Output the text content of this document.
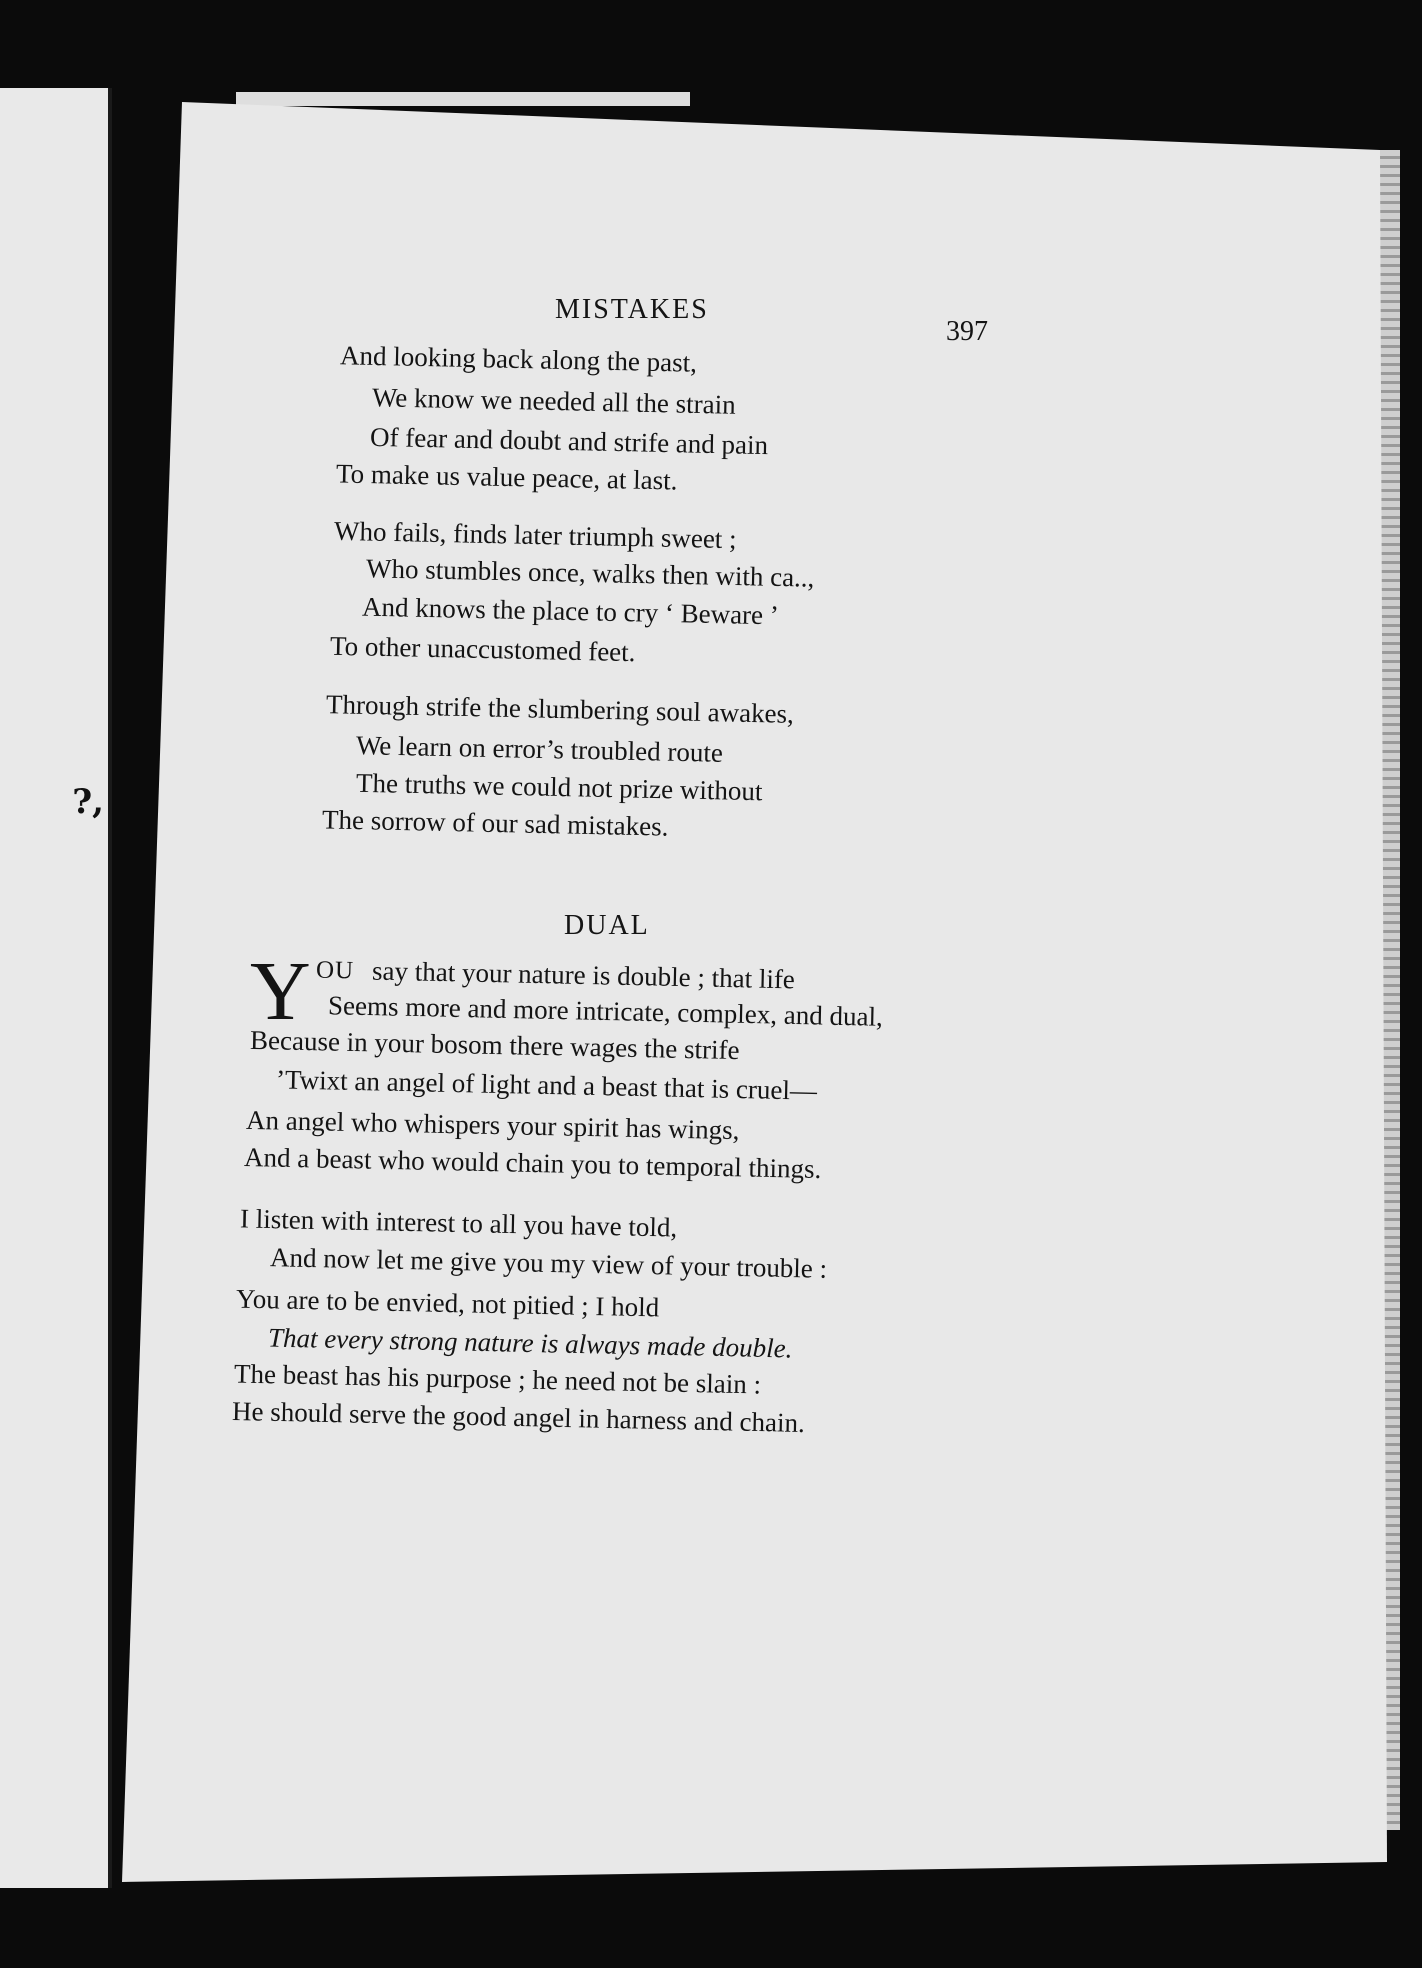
?,
MISTAKES
397
And looking back along the past,
We know we needed all the strain
Of fear and doubt and strife and pain
To make us value peace, at last.
Who fails, finds later triumph sweet ;
Who stumbles once, walks then with ca..,
And knows the place to cry ‘ Beware ’
To other unaccustomed feet.
Through strife the slumbering soul awakes,
We learn on error’s troubled route
The truths we could not prize without
The sorrow of our sad mistakes.
DUAL
Y OU say that your nature is double ; that life
Seems more and more intricate, complex, and dual,
Because in your bosom there wages the strife
’Twixt an angel of light and a beast that is cruel—
An angel who whispers your spirit has wings,
And a beast who would chain you to temporal things.
I listen with interest to all you have told,
And now let me give you my view of your trouble :
You are to be envied, not pitied ; I hold
That every strong nature is always made double.
The beast has his purpose ; he need not be slain :
He should serve the good angel in harness and chain.
